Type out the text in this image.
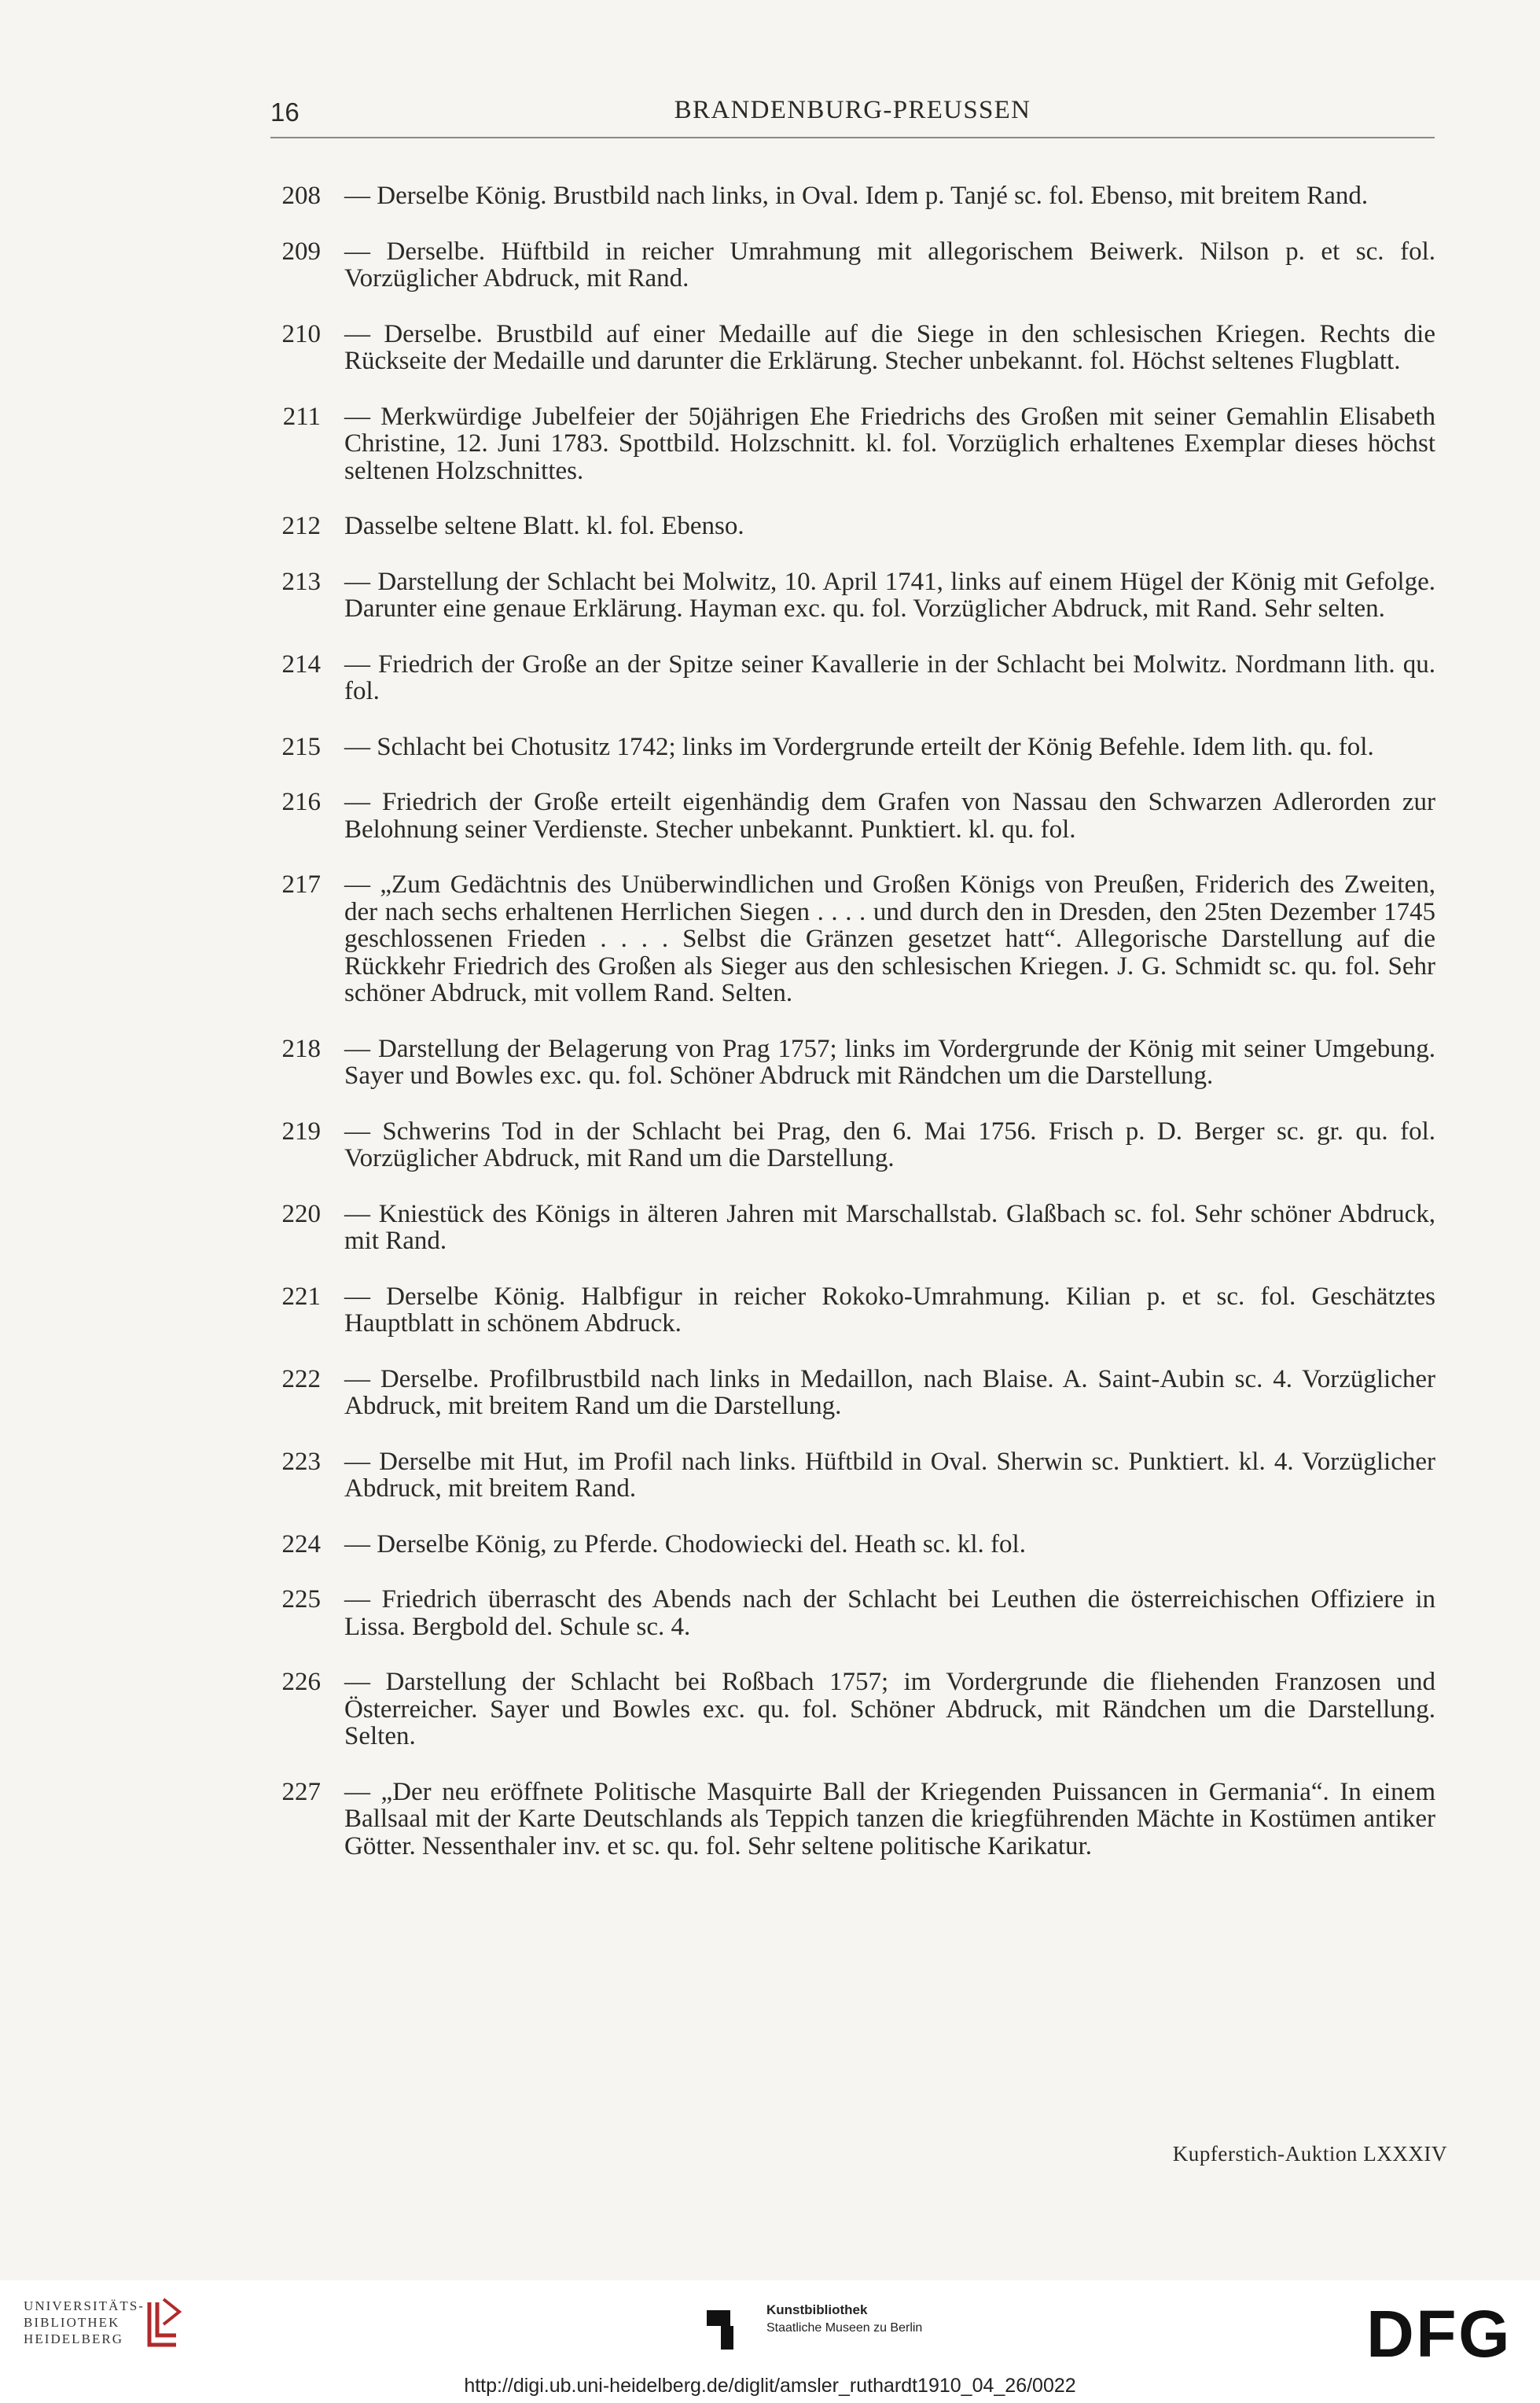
16	BRANDENBURG-PREUSSEN
208 — Derselbe König. Brustbild nach links, in Oval. Idem p. Tanjé sc. fol. Ebenso, mit breitem Rand.
209 — Derselbe. Hüftbild in reicher Umrahmung mit allegorischem Beiwerk. Nilson p. et sc. fol. Vorzüglicher Abdruck, mit Rand.
210 — Derselbe. Brustbild auf einer Medaille auf die Siege in den schlesischen Kriegen. Rechts die Rückseite der Medaille und darunter die Erklärung. Stecher unbekannt. fol. Höchst seltenes Flugblatt.
211 — Merkwürdige Jubelfeier der 50jährigen Ehe Friedrichs des Großen mit seiner Gemahlin Elisabeth Christine, 12. Juni 1783. Spottbild. Holzschnitt. kl. fol. Vorzüglich erhaltenes Exemplar dieses höchst seltenen Holzschnittes.
212 Dasselbe seltene Blatt. kl. fol. Ebenso.
213 — Darstellung der Schlacht bei Molwitz, 10. April 1741, links auf einem Hügel der König mit Gefolge. Darunter eine genaue Erklärung. Hayman exc. qu. fol. Vorzüglicher Abdruck, mit Rand. Sehr selten.
214 — Friedrich der Große an der Spitze seiner Kavallerie in der Schlacht bei Molwitz. Nordmann lith. qu. fol.
215 — Schlacht bei Chotusitz 1742; links im Vordergrunde erteilt der König Befehle. Idem lith. qu. fol.
216 — Friedrich der Große erteilt eigenhändig dem Grafen von Nassau den Schwarzen Adlerorden zur Belohnung seiner Verdienste. Stecher unbekannt. Punktiert. kl. qu. fol.
217 — „Zum Gedächtnis des Unüberwindlichen und Großen Königs von Preußen, Friderich des Zweiten, der nach sechs erhaltenen Herrlichen Siegen . . . . und durch den in Dresden, den 25ten Dezember 1745 geschlossenen Frieden . . . . Selbst die Gränzen gesetzet hatt“. Allegorische Darstellung auf die Rückkehr Friedrich des Großen als Sieger aus den schlesischen Kriegen. J. G. Schmidt sc. qu. fol. Sehr schöner Abdruck, mit vollem Rand. Selten.
218 — Darstellung der Belagerung von Prag 1757; links im Vordergrunde der König mit seiner Umgebung. Sayer und Bowles exc. qu. fol. Schöner Abdruck mit Rändchen um die Darstellung.
219 — Schwerins Tod in der Schlacht bei Prag, den 6. Mai 1756. Frisch p. D. Berger sc. gr. qu. fol. Vorzüglicher Abdruck, mit Rand um die Darstellung.
220 — Kniestück des Königs in älteren Jahren mit Marschallstab. Glaßbach sc. fol. Sehr schöner Abdruck, mit Rand.
221 — Derselbe König. Halbfigur in reicher Rokoko-Umrahmung. Kilian p. et sc. fol. Geschätztes Hauptblatt in schönem Abdruck.
222 — Derselbe. Profilbrustbild nach links in Medaillon, nach Blaise. A. Saint-Aubin sc. 4. Vorzüglicher Abdruck, mit breitem Rand um die Darstellung.
223 — Derselbe mit Hut, im Profil nach links. Hüftbild in Oval. Sherwin sc. Punktiert. kl. 4. Vorzüglicher Abdruck, mit breitem Rand.
224 — Derselbe König, zu Pferde. Chodowiecki del. Heath sc. kl. fol.
225 — Friedrich überrascht des Abends nach der Schlacht bei Leuthen die österreichischen Offiziere in Lissa. Bergbold del. Schule sc. 4.
226 — Darstellung der Schlacht bei Roßbach 1757; im Vordergrunde die fliehenden Franzosen und Österreicher. Sayer und Bowles exc. qu. fol. Schöner Abdruck, mit Rändchen um die Darstellung. Selten.
227 — „Der neu eröffnete Politische Masquirte Ball der Kriegenden Puissancen in Germania“. In einem Ballsaal mit der Karte Deutschlands als Teppich tanzen die kriegführenden Mächte in Kostümen antiker Götter. Nessenthaler inv. et sc. qu. fol. Sehr seltene politische Karikatur.
Kupferstich-Auktion LXXXIV
UNIVERSITÄTS-
BIBLIOTHEK
HEIDELBERG
Kunstbibliothek
Staatliche Museen zu Berlin	DFG
http://digi.ub.uni-heidelberg.de/diglit/amsler_ruthardt1910_04_26/0022
